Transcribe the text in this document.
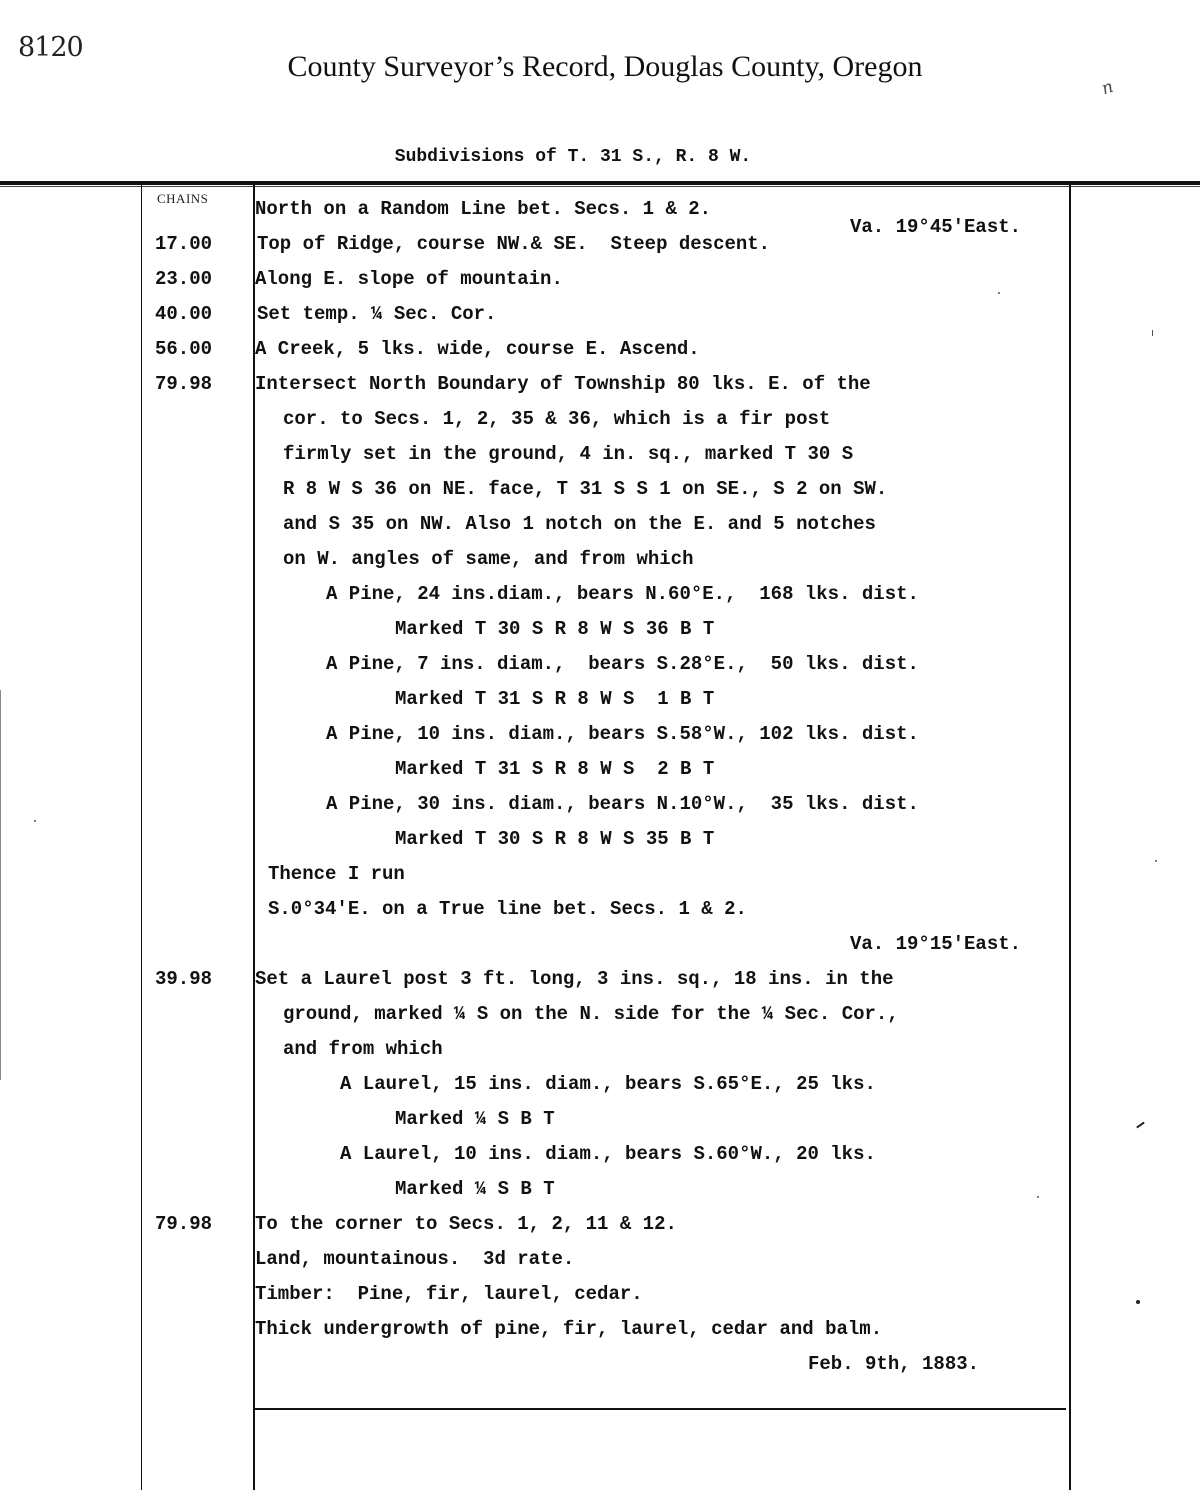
8120
County Surveyor’s Record, Douglas County, Oregon
n
Subdivisions of T. 31 S., R. 8 W.
CHAINS

17.00

23.00

40.00

56.00

79.98

39.98

79.98

North on a Random Line bet. Secs. 1 & 2.

Va. 19°45'East.

Top of Ridge, course NW.& SE.  Steep descent.

Along E. slope of mountain.

Set temp. ¼ Sec. Cor.

A Creek, 5 lks. wide, course E. Ascend.

Intersect North Boundary of Township 80 lks. E. of the

cor. to Secs. 1, 2, 35 & 36, which is a fir post

firmly set in the ground, 4 in. sq., marked T 30 S

R 8 W S 36 on NE. face, T 31 S S 1 on SE., S 2 on SW.

and S 35 on NW. Also 1 notch on the E. and 5 notches

on W. angles of same, and from which

A Pine, 24 ins.diam., bears N.60°E.,  168 lks. dist.

Marked T 30 S R 8 W S 36 B T

A Pine, 7 ins. diam.,  bears S.28°E.,  50 lks. dist.

Marked T 31 S R 8 W S  1 B T

A Pine, 10 ins. diam., bears S.58°W., 102 lks. dist.

Marked T 31 S R 8 W S  2 B T

A Pine, 30 ins. diam., bears N.10°W.,  35 lks. dist.

Marked T 30 S R 8 W S 35 B T

Thence I run

S.0°34'E. on a True line bet. Secs. 1 & 2.

Va. 19°15'East.

Set a Laurel post 3 ft. long, 3 ins. sq., 18 ins. in the

ground, marked ¼ S on the N. side for the ¼ Sec. Cor.,

and from which

A Laurel, 15 ins. diam., bears S.65°E., 25 lks.

Marked ¼ S B T

A Laurel, 10 ins. diam., bears S.60°W., 20 lks.

Marked ¼ S B T

To the corner to Secs. 1, 2, 11 & 12.

Land, mountainous.  3d rate.

Timber:  Pine, fir, laurel, cedar.

Thick undergrowth of pine, fir, laurel, cedar and balm.

Feb. 9th, 1883.
